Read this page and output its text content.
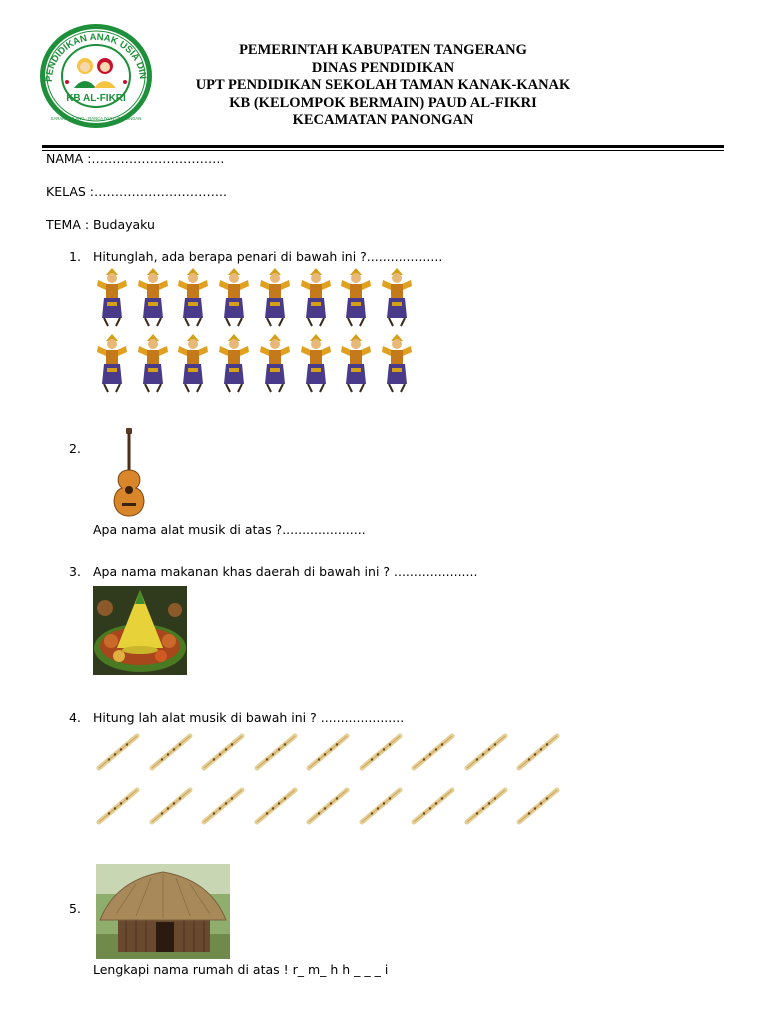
PENDIDIKAN ANAK USIA DIN
KB AL-FIKRI
SARAKAN ILANG · RANCA IYUH · PANONGAN
PEMERINTAH KABUPATEN TANGERANG
DINAS PENDIDIKAN
UPT PENDIDIKAN SEKOLAH TAMAN KANAK-KANAK
KB (KELOMPOK BERMAIN) PAUD AL-FIKRI
KECAMATAN PANONGAN
NAMA :…………………………..
KELAS :…………………………..
TEMA : Budayaku
1. Hitunglah, ada berapa penari di bawah ini ?...................
2.
Apa nama alat musik di atas ?.....................
3. Apa nama makanan khas daerah di bawah ini ? .....................
4. Hitung lah alat musik di bawah ini ? .....................
5.
Lengkapi nama rumah di atas ! r_ m_ h h _ _ _ i
